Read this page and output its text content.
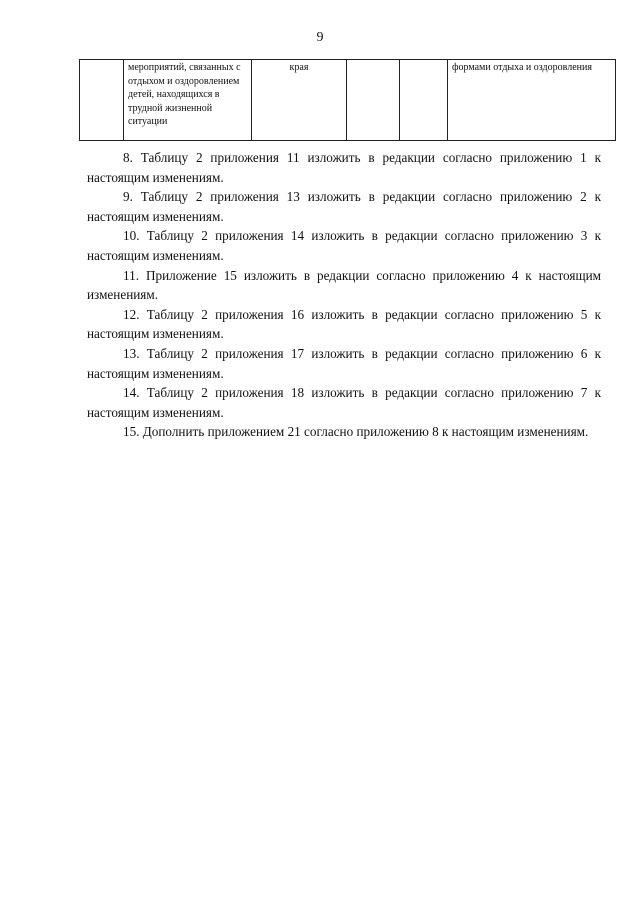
9
	мероприятий, связанных с отдыхом и оздоровлением детей, находящихся в трудной жизненной ситуации	края			формами отдыха и оздоровления

8. Таблицу 2 приложения 11 изложить в редакции согласно приложению 1 к настоящим изменениям.

9. Таблицу 2 приложения 13 изложить в редакции согласно приложению 2 к настоящим изменениям.

10. Таблицу 2 приложения 14 изложить в редакции согласно приложению 3 к настоящим изменениям.

11. Приложение 15 изложить в редакции согласно приложению 4 к настоящим изменениям.

12. Таблицу 2 приложения 16 изложить в редакции согласно приложению 5 к настоящим изменениям.

13. Таблицу 2 приложения 17 изложить в редакции согласно приложению 6 к настоящим изменениям.

14. Таблицу 2 приложения 18 изложить в редакции согласно приложению 7 к настоящим изменениям.

15. Дополнить приложением 21 согласно приложению 8 к настоящим изменениям.
